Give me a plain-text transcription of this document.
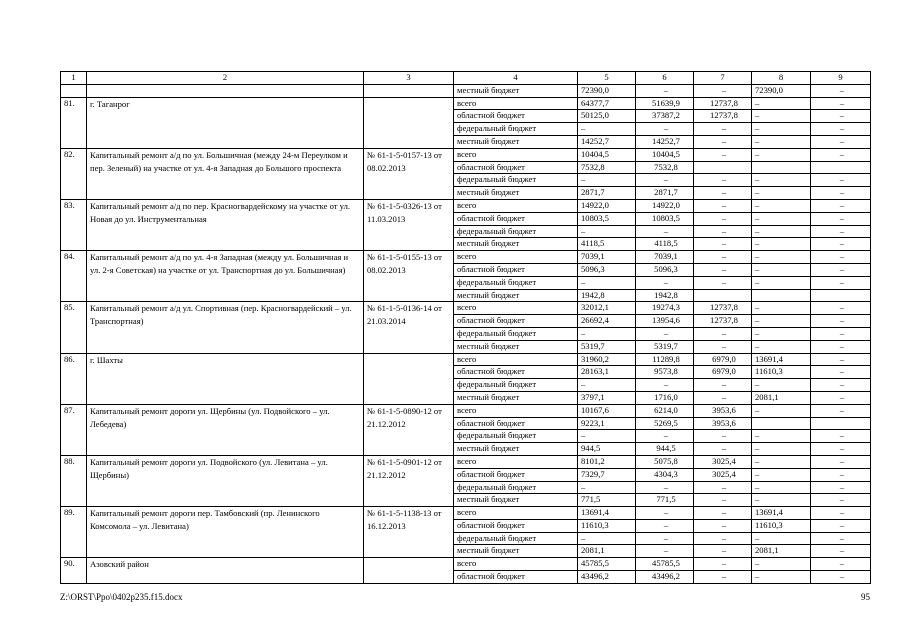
1	2	3	4	5	6	7	8	9
			местный бюджет	72390,0	–	–	72390,0	–
81.	г. Таганрог		всего	64377,7	51639,9	12737,8	–	–
			областной бюджет	50125,0	37387,2	12737,8	–	–
			федеральный бюджет	–	–	–	–	–
			местный бюджет	14252,7	14252,7	–	–	–
82.	Капитальный ремонт а/д по ул. Большичная (между 24-м Переулком и пер. Зеленый) на участке от ул. 4-я Западная до Большого проспекта	№ 61-1-5-0157-13 от 08.02.2013	всего	10404,5	10404,5	–	–	–
			областной бюджет	7532,8	7532,8			
			федеральный бюджет	–	–	–	–	–
			местный бюджет	2871,7	2871,7	–	–	–
83.	Капитальный ремонт а/д по пер. Красногвардейскому на участке от ул. Новая до ул. Инструментальная	№ 61-1-5-0326-13 от 11.03.2013	всего	14922,0	14922,0	–	–	–
			областной бюджет	10803,5	10803,5	–	–	–
			федеральный бюджет	–	–	–	–	–
			местный бюджет	4118,5	4118,5	–	–	–
84.	Капитальный ремонт а/д по ул. 4-я Западная (между ул. Большичная и ул. 2-я Советская) на участке от ул. Транспортная до ул. Большичная)	№ 61-1-5-0155-13 от 08.02.2013	всего	7039,1	7039,1	–	–	–
			областной бюджет	5096,3	5096,3	–	–	–
			федеральный бюджет	–	–	–	–	–
			местный бюджет	1942,8	1942,8			
85.	Капитальный ремонт а/д ул. Спортивная (пер. Красногвардейский – ул. Транспортная)	№ 61-1-5-0136-14 от 21.03.2014	всего	32012,1	19274,3	12737,8	–	–
			областной бюджет	26692,4	13954,6	12737,8	–	–
			федеральный бюджет	–	–	–	–	–
			местный бюджет	5319,7	5319,7	–	–	–
86.	г. Шахты		всего	31960,2	11289,8	6979,0	13691,4	–
			областной бюджет	28163,1	9573,8	6979,0	11610,3	–
			федеральный бюджет	–	–	–	–	–
			местный бюджет	3797,1	1716,0	–	2081,1	–
87.	Капитальный ремонт дороги ул. Щербины (ул. Подвойского – ул. Лебедева)	№ 61-1-5-0890-12 от 21.12.2012	всего	10167,6	6214,0	3953,6	–	–
			областной бюджет	9223,1	5269,5	3953,6		
			федеральный бюджет	–	–	–	–	–
			местный бюджет	944,5	944,5	–	–	–
88.	Капитальный ремонт дороги ул. Подвойского (ул. Левитана – ул. Щербины)	№ 61-1-5-0901-12 от 21.12.2012	всего	8101,2	5075,8	3025,4	–	–
			областной бюджет	7329,7	4304,3	3025,4	–	–
			федеральный бюджет	–	–	–	–	–
			местный бюджет	771,5	771,5	–	–	–
89.	Капитальный ремонт дороги пер. Тамбовский (пр. Ленинского Комсомола – ул. Левитана)	№ 61-1-5-1138-13 от 16.12.2013	всего	13691,4	–	–	13691,4	–
			областной бюджет	11610,3	–	–	11610,3	–
			федеральный бюджет	–	–	–	–	–
			местный бюджет	2081,1	–	–	2081,1	–
90.	Азовский район		всего	45785,5	45785,5	–	–	–
			областной бюджет	43496,2	43496,2	–	–	–
Z:\ORST\Ppo\0402p235.f15.docx	95
